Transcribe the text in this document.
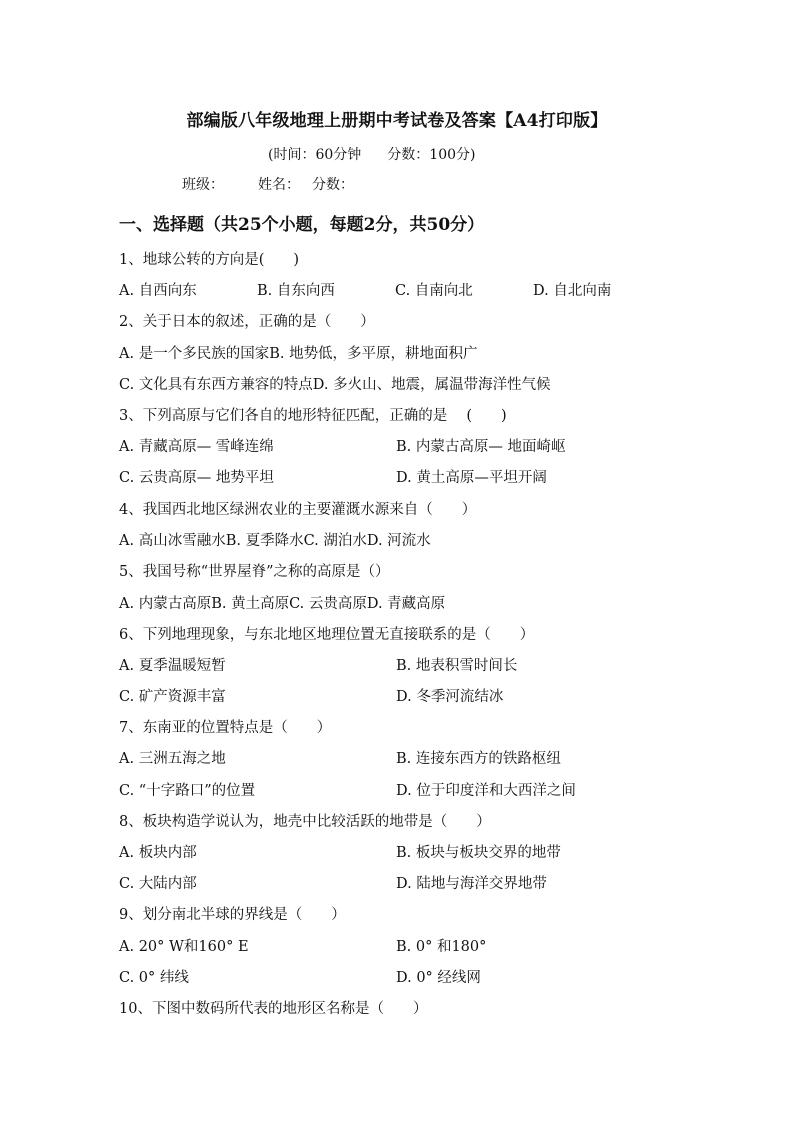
部编版八年级地理上册期中考试卷及答案【A4打印版】
(时间：60分钟 分数：100分)
班级： 姓名： 分数：
一、选择题（共25个小题，每题2分，共50分）
1、地球公转的方向是(　　)
A. 自西向东	B. 自东向西	C. 自南向北	D. 自北向南
2、关于日本的叙述，正确的是（　　）
A. 是一个多民族的国家B. 地势低，多平原，耕地面积广
C. 文化具有东西方兼容的特点D. 多火山、地震，属温带海洋性气候
3、下列高原与它们各自的地形特征匹配，正确的是　 (　　)
A. 青藏高原— 雪峰连绵	B. 内蒙古高原— 地面崎岖
C. 云贵高原— 地势平坦	D. 黄土高原—平坦开阔
4、我国西北地区绿洲农业的主要灌溉水源来自（　　）
A. 高山冰雪融水B. 夏季降水C. 湖泊水D. 河流水
5、我国号称“世界屋脊”之称的高原是（）
A. 内蒙古高原B. 黄土高原C. 云贵高原D. 青藏高原
6、下列地理现象，与东北地区地理位置无直接联系的是（　　）
A. 夏季温暖短暂	B. 地表积雪时间长
C. 矿产资源丰富	D. 冬季河流结冰
7、东南亚的位置特点是（　　）
A. 三洲五海之地	B. 连接东西方的铁路枢纽
C. “十字路口”的位置	D. 位于印度洋和大西洋之间
8、板块构造学说认为，地壳中比较活跃的地带是（　　）
A. 板块内部	B. 板块与板块交界的地带
C. 大陆内部	D. 陆地与海洋交界地带
9、划分南北半球的界线是（　　）
A. 20° W和160° E	B. 0° 和180°
C. 0° 纬线	D. 0° 经线网
10、下图中数码所代表的地形区名称是（　　）
